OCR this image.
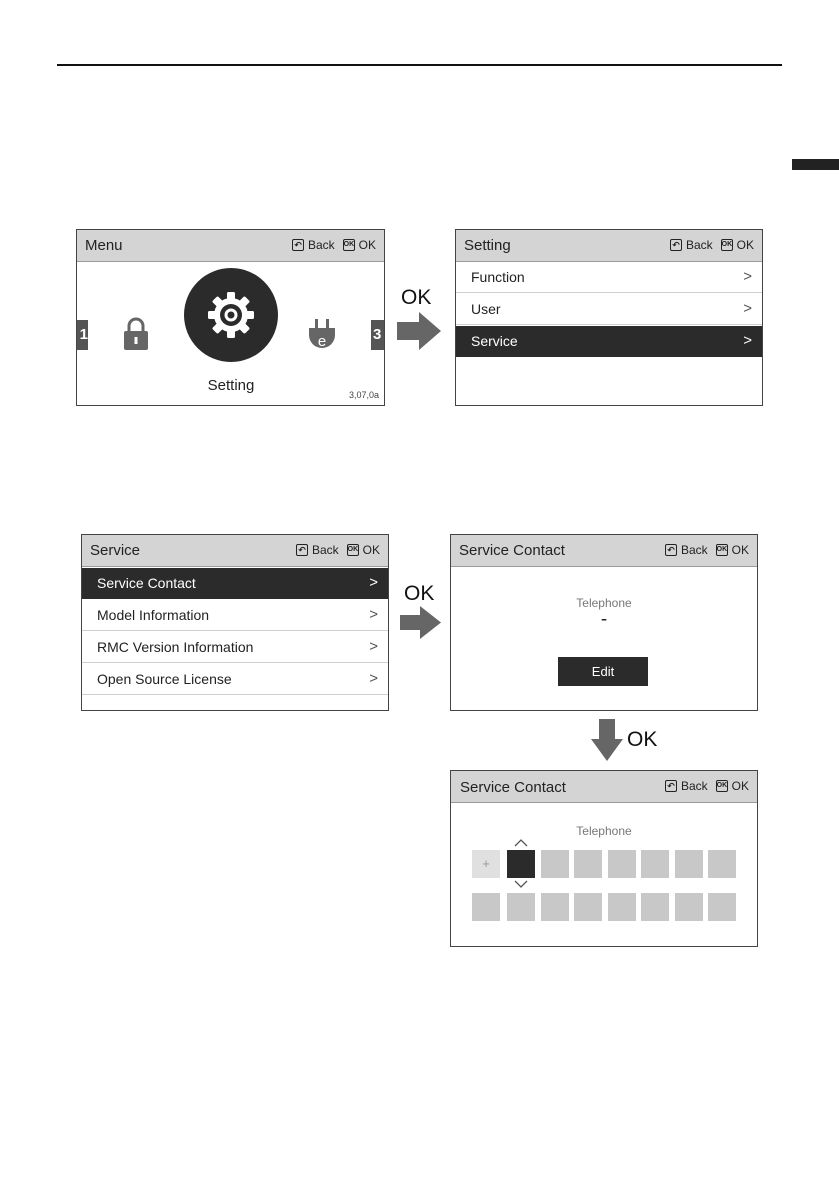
Menu	↶ Back OK OK
1
Setting
e	3
3,07,0a
OK
Setting	↶ Back OK OK
Function	>
User	>
Service	>
Service	↶ Back OK OK
Service Contact	>
Model Information	>
RMC Version Information	>
Open Source License	>
OK
Service Contact	↶ Back OK OK
Telephone
-
Edit
OK
Service Contact	↶ Back OK OK
Telephone
+
